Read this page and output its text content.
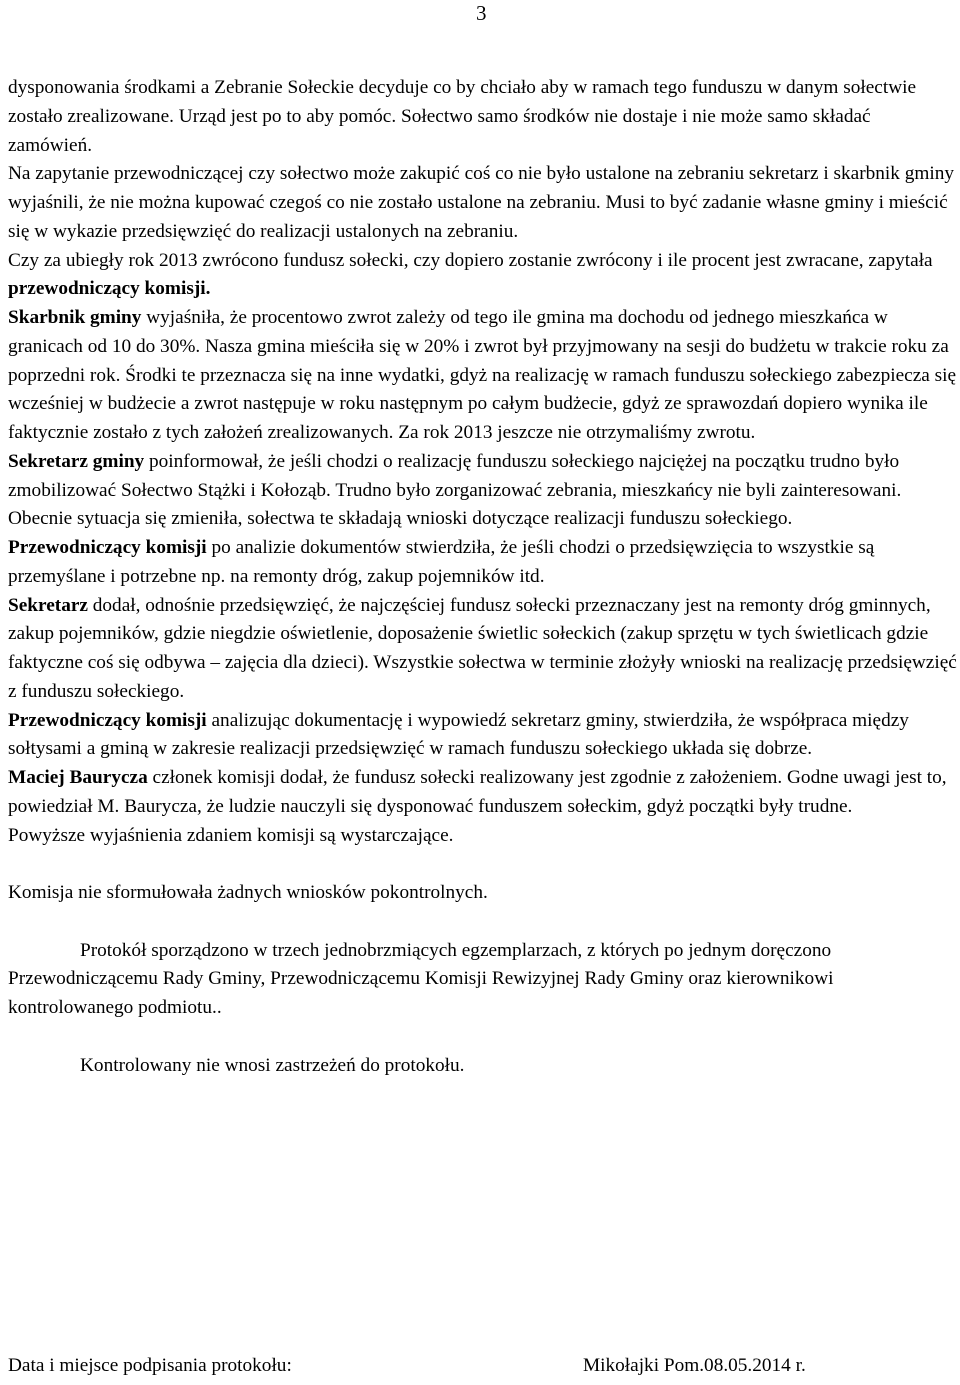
3

dysponowania środkami a Zebranie Sołeckie decyduje co by chciało aby w ramach tego funduszu w danym sołectwie zostało zrealizowane. Urząd jest po to aby pomóc. Sołectwo samo środków nie dostaje i nie może samo składać zamówień.

Na zapytanie przewodniczącej czy sołectwo może zakupić coś co nie było ustalone na zebraniu sekretarz i skarbnik gminy wyjaśnili, że nie można kupować czegoś co nie zostało ustalone na zebraniu. Musi to być zadanie własne gminy i mieścić się w wykazie przedsięwzięć do realizacji ustalonych na zebraniu.

Czy za ubiegły rok 2013 zwrócono fundusz sołecki, czy dopiero zostanie zwrócony i ile procent jest zwracane, zapytała przewodniczący komisji.

Skarbnik gminy wyjaśniła, że procentowo zwrot zależy od tego ile gmina ma dochodu od jednego mieszkańca w granicach od 10 do 30%. Nasza gmina mieściła się w 20% i zwrot był przyjmowany na sesji do budżetu w trakcie roku za poprzedni rok. Środki te przeznacza się na inne wydatki, gdyż na realizację w ramach funduszu sołeckiego zabezpiecza się wcześniej w budżecie a zwrot następuje w roku następnym po całym budżecie, gdyż ze sprawozdań dopiero wynika ile faktycznie zostało z tych założeń zrealizowanych. Za rok 2013 jeszcze nie otrzymaliśmy zwrotu.

Sekretarz gminy poinformował, że jeśli chodzi o realizację funduszu sołeckiego najciężej na początku trudno było zmobilizować Sołectwo Stążki i Kołoząb. Trudno było zorganizować zebrania, mieszkańcy nie byli zainteresowani. Obecnie sytuacja się zmieniła, sołectwa te składają wnioski dotyczące realizacji funduszu sołeckiego.

Przewodniczący komisji po analizie dokumentów stwierdziła, że jeśli chodzi o przedsięwzięcia to wszystkie są przemyślane i potrzebne np. na remonty dróg, zakup pojemników itd.

Sekretarz dodał, odnośnie przedsięwzięć, że najczęściej fundusz sołecki przeznaczany jest na remonty dróg gminnych, zakup pojemników, gdzie niegdzie oświetlenie, doposażenie świetlic sołeckich (zakup sprzętu w tych świetlicach gdzie faktyczne coś się odbywa – zajęcia dla dzieci). Wszystkie sołectwa w terminie złożyły wnioski na realizację przedsięwzięć z funduszu sołeckiego.

Przewodniczący komisji analizując dokumentację i wypowiedź sekretarz gminy, stwierdziła, że współpraca między sołtysami a gminą w zakresie realizacji przedsięwzięć w ramach funduszu sołeckiego układa się dobrze.

Maciej Baurycza członek komisji dodał, że fundusz sołecki realizowany jest zgodnie z założeniem. Godne uwagi jest to, powiedział M. Baurycza, że ludzie nauczyli się dysponować funduszem sołeckim, gdyż początki były trudne.

Powyższe wyjaśnienia zdaniem komisji są wystarczające.

Komisja nie sformułowała żadnych wniosków pokontrolnych.

Protokół sporządzono w trzech jednobrzmiących egzemplarzach, z których po jednym doręczono Przewodniczącemu Rady Gminy, Przewodniczącemu Komisji Rewizyjnej Rady Gminy oraz kierownikowi kontrolowanego podmiotu..

Kontrolowany nie wnosi zastrzeżeń do protokołu.

Data i miejsce podpisania protokołu:	Mikołajki Pom.08.05.2014 r.
